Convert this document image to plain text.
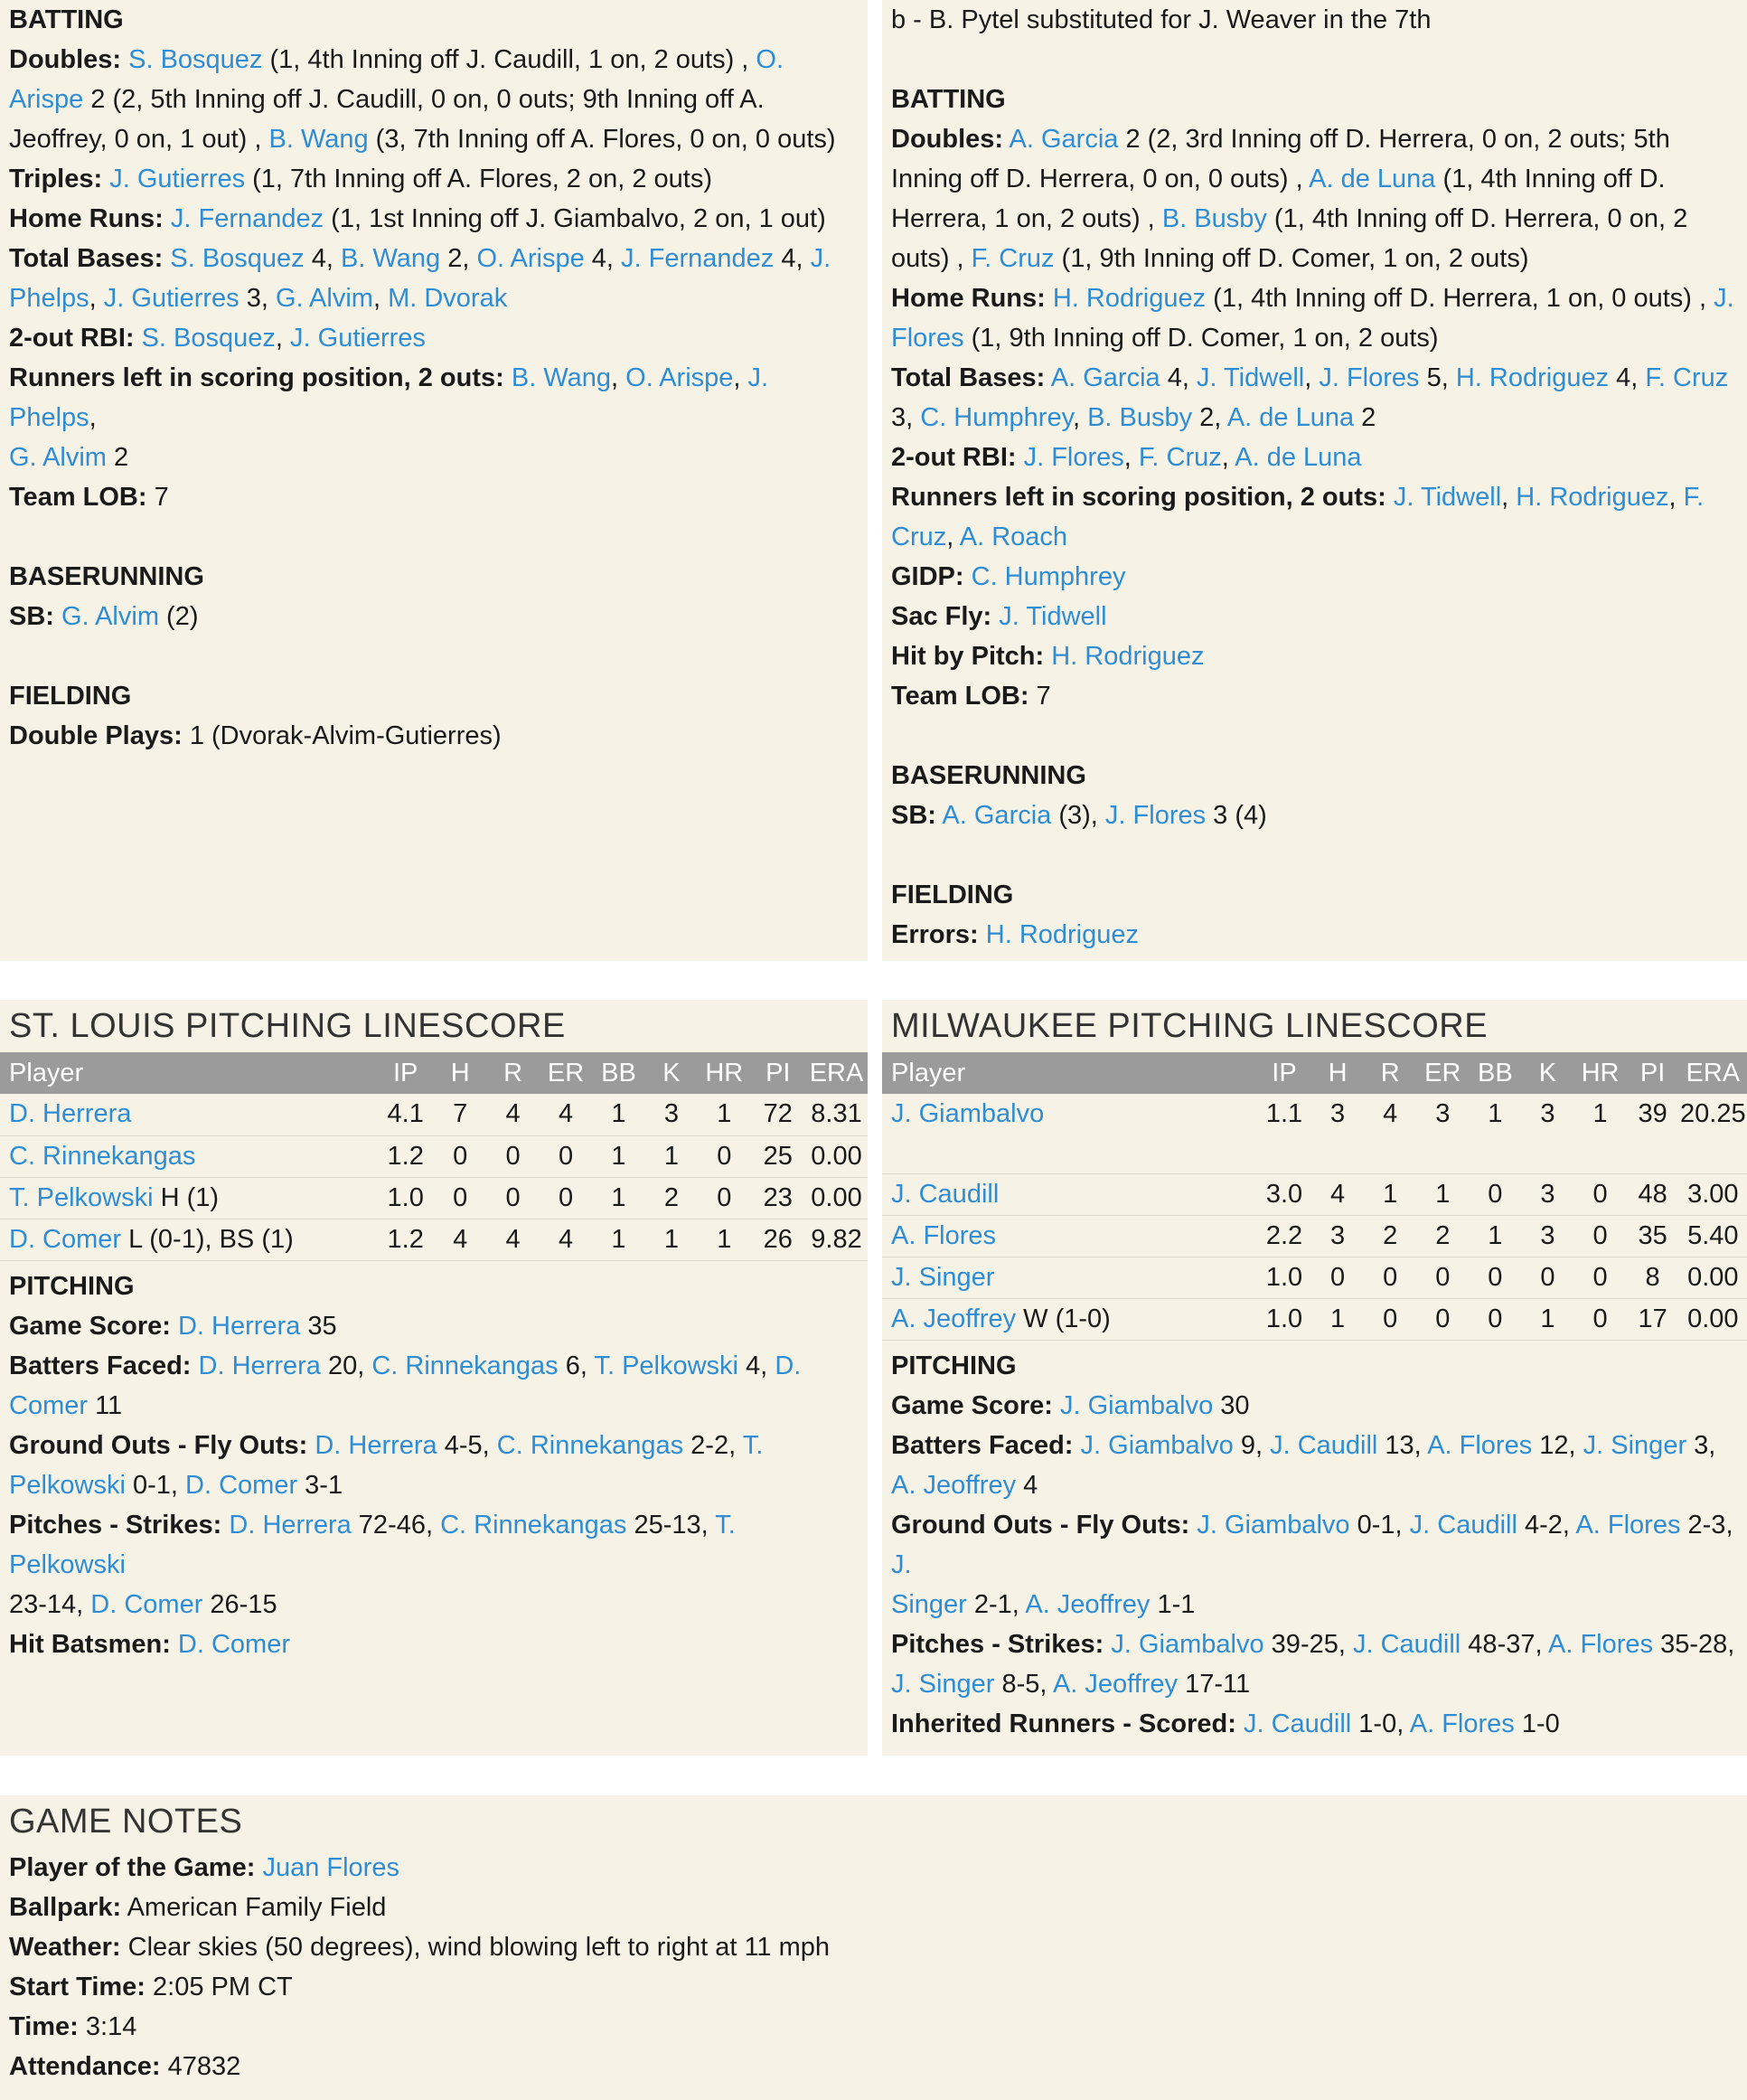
BATTING
Doubles: S. Bosquez (1, 4th Inning off J. Caudill, 1 on, 2 outs) , O.
Arispe 2 (2, 5th Inning off J. Caudill, 0 on, 0 outs; 9th Inning off A.
Jeoffrey, 0 on, 1 out) , B. Wang (3, 7th Inning off A. Flores, 0 on, 0 outs)
Triples: J. Gutierres (1, 7th Inning off A. Flores, 2 on, 2 outs)
Home Runs: J. Fernandez (1, 1st Inning off J. Giambalvo, 2 on, 1 out)
Total Bases: S. Bosquez 4, B. Wang 2, O. Arispe 4, J. Fernandez 4, J.
Phelps, J. Gutierres 3, G. Alvim, M. Dvorak
2-out RBI: S. Bosquez, J. Gutierres
Runners left in scoring position, 2 outs: B. Wang, O. Arispe, J. Phelps,
G. Alvim 2
Team LOB: 7
BASERUNNING
SB: G. Alvim (2)
FIELDING
Double Plays: 1 (Dvorak-Alvim-Gutierres)
b - B. Pytel substituted for J. Weaver in the 7th
BATTING
Doubles: A. Garcia 2 (2, 3rd Inning off D. Herrera, 0 on, 2 outs; 5th
Inning off D. Herrera, 0 on, 0 outs) , A. de Luna (1, 4th Inning off D.
Herrera, 1 on, 2 outs) , B. Busby (1, 4th Inning off D. Herrera, 0 on, 2
outs) , F. Cruz (1, 9th Inning off D. Comer, 1 on, 2 outs)
Home Runs: H. Rodriguez (1, 4th Inning off D. Herrera, 1 on, 0 outs) , J.
Flores (1, 9th Inning off D. Comer, 1 on, 2 outs)
Total Bases: A. Garcia 4, J. Tidwell, J. Flores 5, H. Rodriguez 4, F. Cruz
3, C. Humphrey, B. Busby 2, A. de Luna 2
2-out RBI: J. Flores, F. Cruz, A. de Luna
Runners left in scoring position, 2 outs: J. Tidwell, H. Rodriguez, F.
Cruz, A. Roach
GIDP: C. Humphrey
Sac Fly: J. Tidwell
Hit by Pitch: H. Rodriguez
Team LOB: 7
BASERUNNING
SB: A. Garcia (3), J. Flores 3 (4)
FIELDING
Errors: H. Rodriguez
ST. LOUIS PITCHING LINESCORE
Player	IP	H	R	ER	BB	K	HR	PI	ERA
D. Herrera	4.1	7	4	4	1	3	1	72	8.31
C. Rinnekangas	1.2	0	0	0	1	1	0	25	0.00
T. Pelkowski H (1)	1.0	0	0	0	1	2	0	23	0.00
D. Comer L (0-1), BS (1)	1.2	4	4	4	1	1	1	26	9.82
PITCHING
Game Score: D. Herrera 35
Batters Faced: D. Herrera 20, C. Rinnekangas 6, T. Pelkowski 4, D.
Comer 11
Ground Outs - Fly Outs: D. Herrera 4-5, C. Rinnekangas 2-2, T.
Pelkowski 0-1, D. Comer 3-1
Pitches - Strikes: D. Herrera 72-46, C. Rinnekangas 25-13, T. Pelkowski
23-14, D. Comer 26-15
Hit Batsmen: D. Comer
MILWAUKEE PITCHING LINESCORE
Player	IP	H	R	ER	BB	K	HR	PI	ERA
J. Giambalvo	1.1	3	4	3	1	3	1	39	20.25
J. Caudill	3.0	4	1	1	0	3	0	48	3.00
A. Flores	2.2	3	2	2	1	3	0	35	5.40
J. Singer	1.0	0	0	0	0	0	0	8	0.00
A. Jeoffrey W (1-0)	1.0	1	0	0	0	1	0	17	0.00
PITCHING
Game Score: J. Giambalvo 30
Batters Faced: J. Giambalvo 9, J. Caudill 13, A. Flores 12, J. Singer 3,
A. Jeoffrey 4
Ground Outs - Fly Outs: J. Giambalvo 0-1, J. Caudill 4-2, A. Flores 2-3, J.
Singer 2-1, A. Jeoffrey 1-1
Pitches - Strikes: J. Giambalvo 39-25, J. Caudill 48-37, A. Flores 35-28,
J. Singer 8-5, A. Jeoffrey 17-11
Inherited Runners - Scored: J. Caudill 1-0, A. Flores 1-0
GAME NOTES
Player of the Game: Juan Flores
Ballpark: American Family Field
Weather: Clear skies (50 degrees), wind blowing left to right at 11 mph
Start Time: 2:05 PM CT
Time: 3:14
Attendance: 47832
